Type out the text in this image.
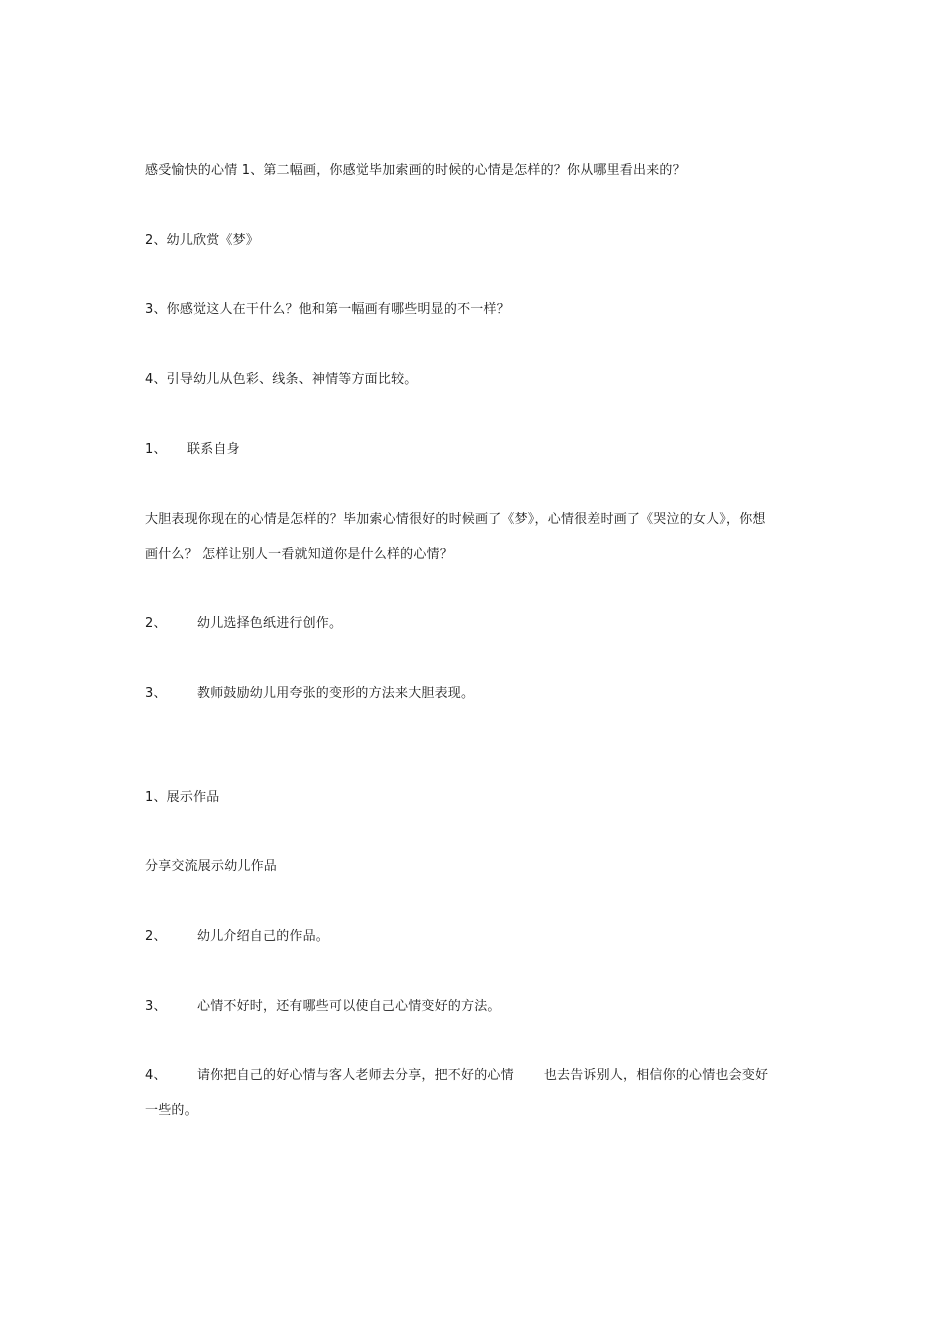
感受愉快的心情 1、第二幅画，你感觉毕加索画的时候的心情是怎样的？你从哪里看出来的？
2、幼儿欣赏《梦》
3、你感觉这人在干什么？他和第一幅画有哪些明显的不一样？
4、引导幼儿从色彩、线条、神情等方面比较。
1、 联系自身
大胆表现你现在的心情是怎样的？毕加索心情很好的时候画了《梦》，心情很差时画了《哭泣的女人》，你想
画什么？ 怎样让别人一看就知道你是什么样的心情？
2、 幼儿选择色纸进行创作。
3、 教师鼓励幼儿用夸张的变形的方法来大胆表现。
1、展示作品
分享交流展示幼儿作品
2、 幼儿介绍自己的作品。
3、 心情不好时，还有哪些可以使自己心情变好的方法。
4、 请你把自己的好心情与客人老师去分享，把不好的心情 也去告诉别人，相信你的心情也会变好
一些的。
